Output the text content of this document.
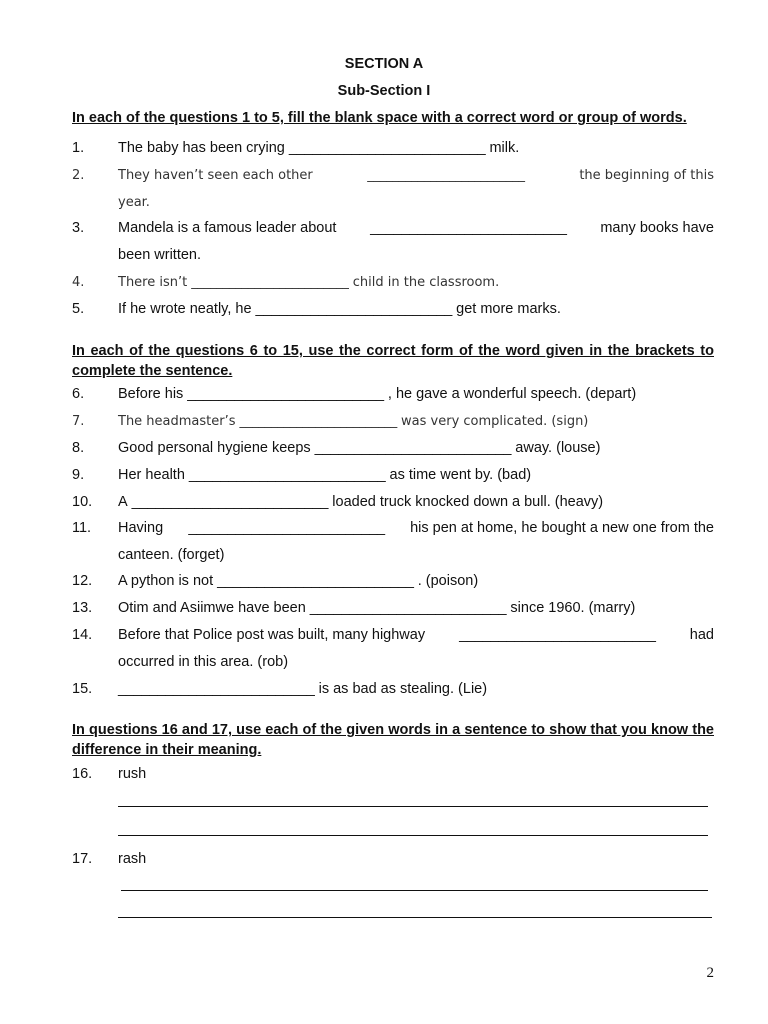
SECTION A
Sub-Section I
In each of the questions 1 to 5, fill the blank space with a correct word or group of words.
1. The baby has been crying _________________________ milk.
2.	They haven’t seen each other	_________________________	the beginning of this
year.
3. Mandela is a famous leader about _________________________ many books have
been written.
4.	There isn’t _________________________ child in the classroom.
5. If he wrote neatly, he _________________________ get more marks.
In each of the questions 6 to 15, use the correct form of the word given in the brackets to complete the sentence.
6. Before his _________________________ , he gave a wonderful speech. (depart)
7.	The headmaster’s _________________________ was very complicated. (sign)
8. Good personal hygiene keeps _________________________ away. (louse)
9. Her health _________________________ as time went by. (bad)
10. A _________________________ loaded truck knocked down a bull. (heavy)
11. Having _________________________ his pen at home, he bought a new one from the
canteen. (forget)
12. A python is not _________________________ . (poison)
13. Otim and Asiimwe have been _________________________ since 1960. (marry)
14. Before that Police post was built, many highway _________________________ had
occurred in this area. (rob)
15. _________________________ is as bad as stealing. (Lie)
In questions 16 and 17, use each of the given words in a sentence to show that you know the difference in their meaning.
16. rush
17. rash
2
